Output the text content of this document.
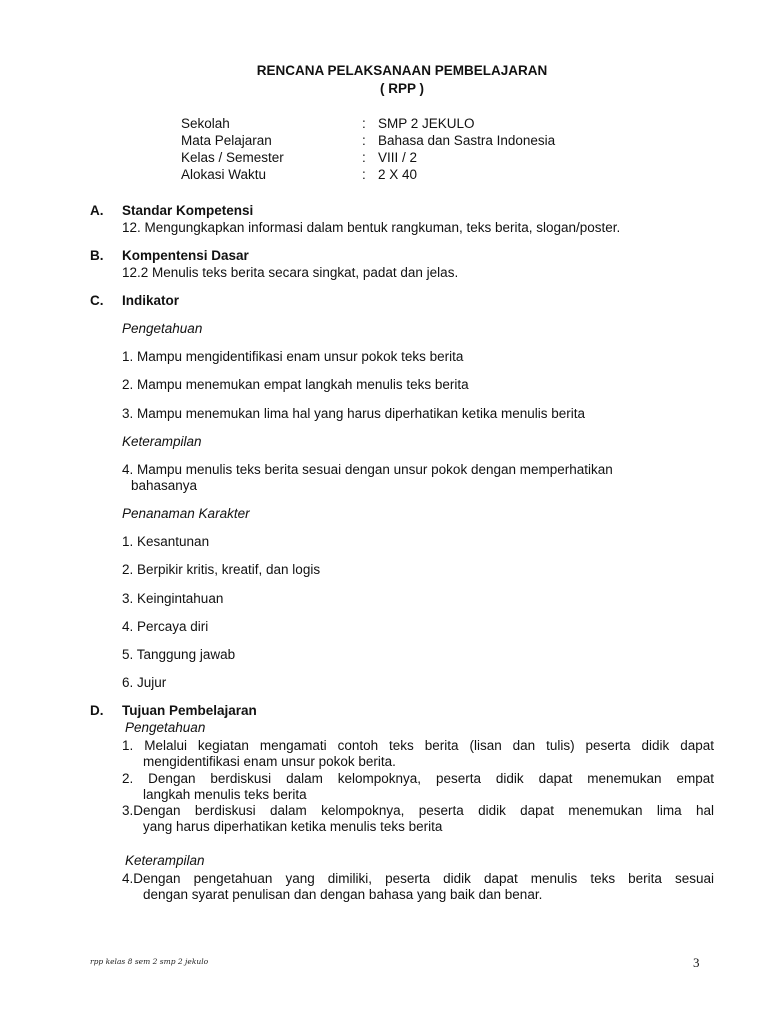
RENCANA PELAKSANAAN PEMBELAJARAN
( RPP )
Sekolah	: SMP 2 JEKULO
Mata Pelajaran	: Bahasa dan Sastra Indonesia
Kelas / Semester	: VIII / 2
Alokasi Waktu	: 2 X 40
A. Standar Kompetensi
12. Mengungkapkan informasi dalam bentuk rangkuman, teks berita, slogan/poster.
B. Kompentensi Dasar
12.2 Menulis teks berita secara singkat, padat dan jelas.
C. Indikator
Pengetahuan
1. Mampu mengidentifikasi enam unsur pokok teks berita
2. Mampu menemukan empat langkah menulis teks berita
3. Mampu menemukan lima hal yang harus diperhatikan ketika menulis berita
Keterampilan
4. Mampu menulis teks berita sesuai dengan unsur pokok dengan memperhatikan
bahasanya
Penanaman Karakter
1. Kesantunan
2. Berpikir kritis, kreatif, dan logis
3. Keingintahuan
4. Percaya diri
5. Tanggung jawab
6. Jujur
D. Tujuan Pembelajaran
Pengetahuan
1. Melalui kegiatan mengamati contoh teks berita (lisan dan tulis) peserta didik dapat
mengidentifikasi enam unsur pokok berita.
2. Dengan berdiskusi dalam kelompoknya, peserta didik dapat menemukan empat
langkah menulis teks berita
3.Dengan berdiskusi dalam kelompoknya, peserta didik dapat menemukan lima hal
yang harus diperhatikan ketika menulis teks berita
Keterampilan
4.Dengan pengetahuan yang dimiliki, peserta didik dapat menulis teks berita sesuai
dengan syarat penulisan dan dengan bahasa yang baik dan benar.
rpp kelas 8 sem 2 smp 2 jekulo	3
